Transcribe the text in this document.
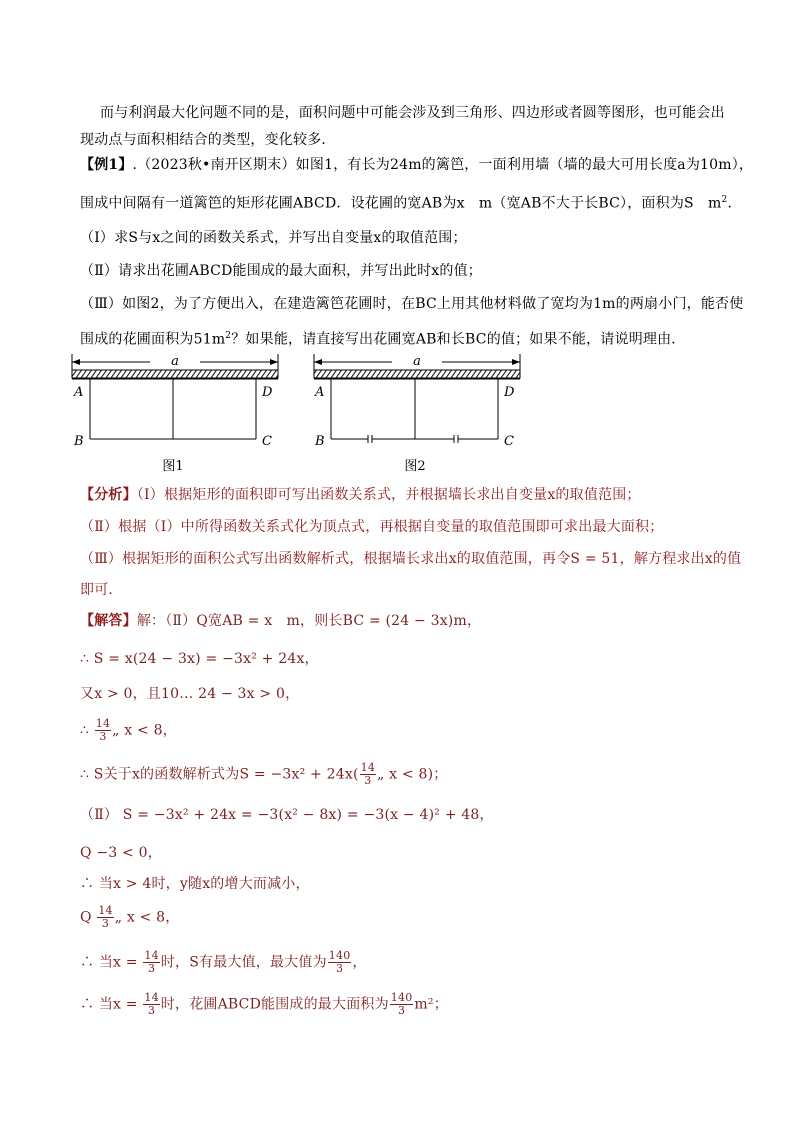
而与利润最大化问题不同的是，面积问题中可能会涉及到三角形、四边形或者圆等图形，也可能会出
现动点与面积相结合的类型，变化较多．
【例1】.（2023秋•南开区期末）如图1，有长为24m的篱笆，一面利用墙（墙的最大可用长度a为10m），
围成中间隔有一道篱笆的矩形花圃ABCD．设花圃的宽AB为x　m（宽AB不大于长BC），面积为S　$m^2$．
（Ⅰ）求S与x之间的函数关系式，并写出自变量x的取值范围；
（Ⅱ）请求出花圃ABCD能围成的最大面积，并写出此时x的值；
（Ⅲ）如图2，为了方便出入，在建造篱笆花圃时，在BC上用其他材料做了宽均为1m的两扇小门，能否使
围成的花圃面积为$51m^2$？如果能，请直接写出花圃宽AB和长BC的值；如果不能，请说明理由．
a
A	D
B	C
图1
a
A	D
B	C
图2
【分析】（Ⅰ）根据矩形的面积即可写出函数关系式，并根据墙长求出自变量x的取值范围；
（Ⅱ）根据（Ⅰ）中所得函数关系式化为顶点式，再根据自变量的取值范围即可求出最大面积；
（Ⅲ）根据矩形的面积公式写出函数解析式，根据墙长求出x的取值范围，再令S = 51，解方程求出x的值
即可．
【解答】解：（Ⅱ）Q宽AB = x　m，则长BC = (24 − 3x)m，
∴ S = x(24 − 3x) = −3x² + 24x，
又x > 0，且10… 24 − 3x > 0，
∴ $\frac{14}{3}$ „ x < 8，
∴ S关于x的函数解析式为$S = -3x^2 + 24x( \frac{14}{3}$ „ x < 8)；
（Ⅱ） S = −3x² + 24x = −3(x² − 8x) = −3(x − 4)² + 48，
Q −3 < 0，
∴ 当x > 4时，y随x的增大而减小，
Q $\frac{14}{3}$ „ x < 8，
∴ 当$x = \frac{14}{3}$ 时，S有最大值，最大值为 $\frac{140}{3}$ ，
∴ 当$x = \frac{14}{3}$ 时，花圃ABCD能围成的最大面积为 $\frac{140}{3} m^2$；
